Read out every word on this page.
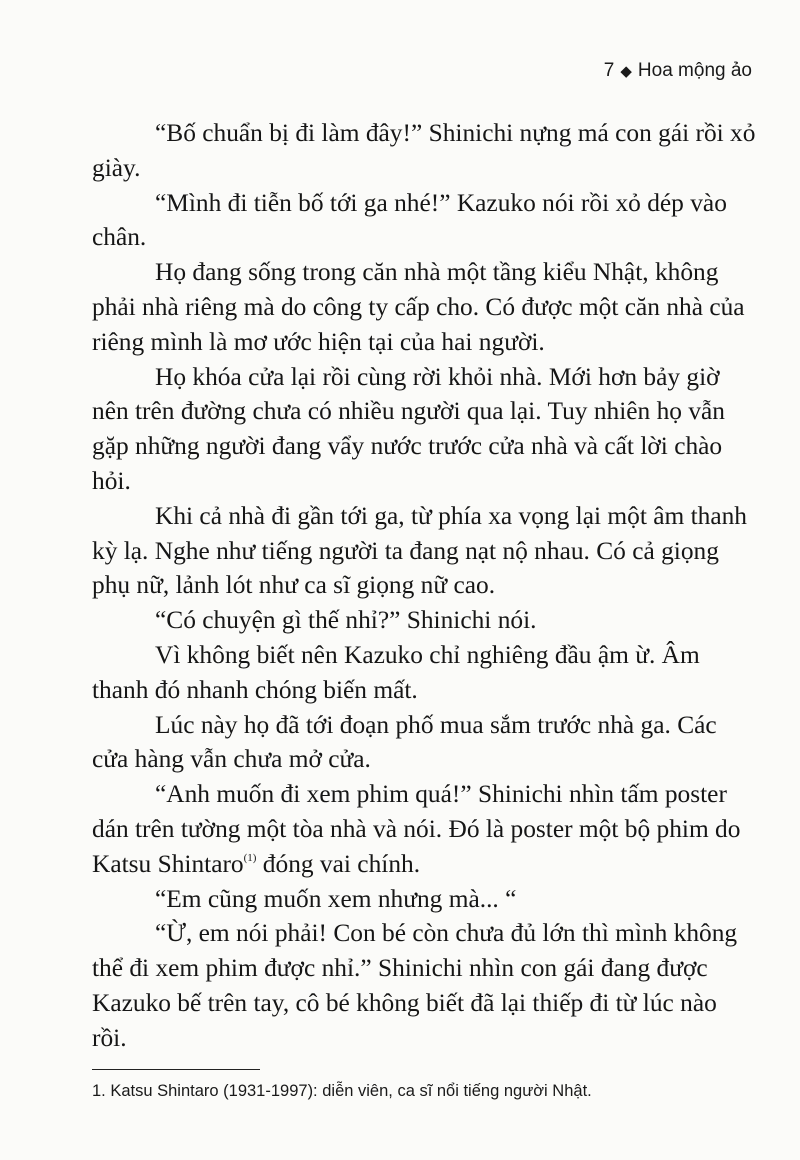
7 ◆ Hoa mộng ảo

“Bố chuẩn bị đi làm đây!” Shinichi nựng má con gái rồi xỏ giày.

“Mình đi tiễn bố tới ga nhé!” Kazuko nói rồi xỏ dép vào chân.

Họ đang sống trong căn nhà một tầng kiểu Nhật, không phải nhà riêng mà do công ty cấp cho. Có được một căn nhà của riêng mình là mơ ước hiện tại của hai người.

Họ khóa cửa lại rồi cùng rời khỏi nhà. Mới hơn bảy giờ nên trên đường chưa có nhiều người qua lại. Tuy nhiên họ vẫn gặp những người đang vẩy nước trước cửa nhà và cất lời chào hỏi.

Khi cả nhà đi gần tới ga, từ phía xa vọng lại một âm thanh kỳ lạ. Nghe như tiếng người ta đang nạt nộ nhau. Có cả giọng phụ nữ, lảnh lót như ca sĩ giọng nữ cao.

“Có chuyện gì thế nhỉ?” Shinichi nói.

Vì không biết nên Kazuko chỉ nghiêng đầu ậm ừ. Âm thanh đó nhanh chóng biến mất.

Lúc này họ đã tới đoạn phố mua sắm trước nhà ga. Các cửa hàng vẫn chưa mở cửa.

“Anh muốn đi xem phim quá!” Shinichi nhìn tấm poster dán trên tường một tòa nhà và nói. Đó là poster một bộ phim do Katsu Shintaro$^{(1)}$ đóng vai chính.

“Em cũng muốn xem nhưng mà... “

“Ừ, em nói phải! Con bé còn chưa đủ lớn thì mình không thể đi xem phim được nhỉ.” Shinichi nhìn con gái đang được Kazuko bế trên tay, cô bé không biết đã lại thiếp đi từ lúc nào rồi.

1. Katsu Shintaro (1931-1997): diễn viên, ca sĩ nổi tiếng người Nhật.
